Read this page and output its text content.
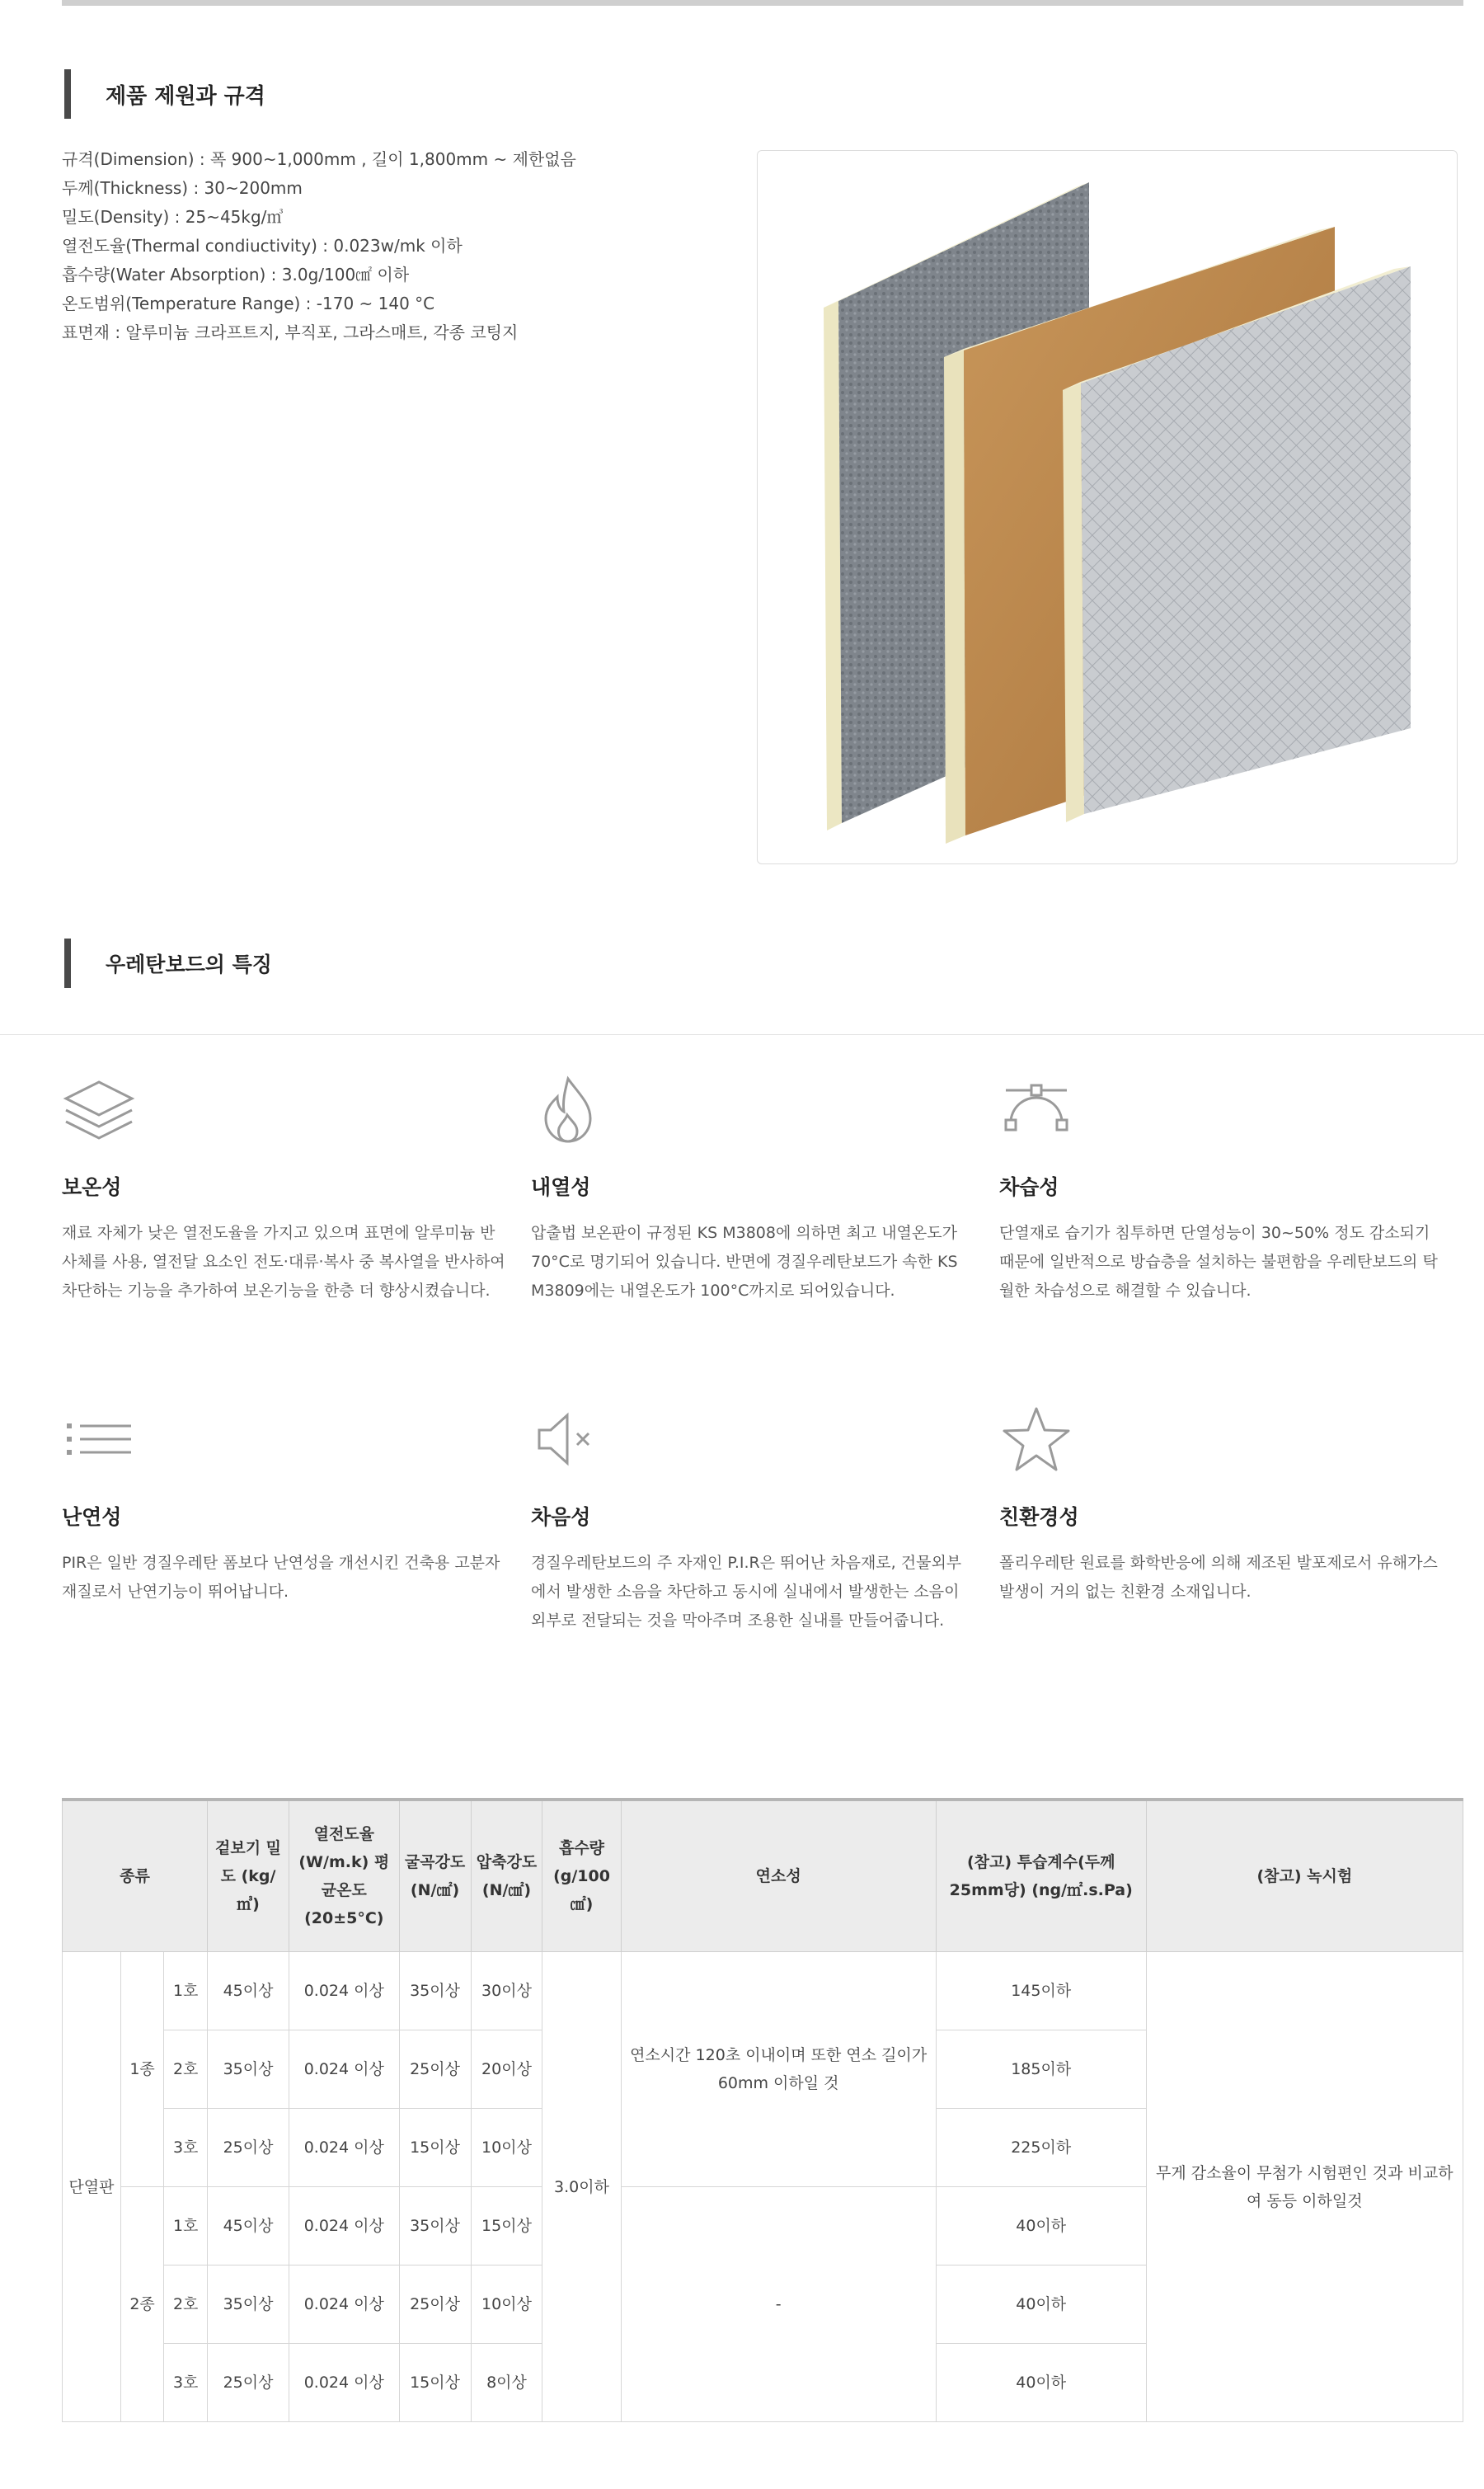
제품 제원과 규격
규격(Dimension) : 폭 900~1,000mm , 길이 1,800mm ~ 제한없음
두께(Thickness) : 30~200mm
밀도(Density) : 25~45kg/㎥
열전도율(Thermal condiuctivity) : 0.023w/mk 이하
흡수량(Water Absorption) : 3.0g/100㎠ 이하
온도범위(Temperature Range) : -170 ~ 140 °C
표면재 : 알루미늄 크라프트지, 부직포, 그라스매트, 각종 코팅지
우레탄보드의 특징
보온성
재료 자체가 낮은 열전도율을 가지고 있으며 표면에 알루미늄 반사체를 사용, 열전달 요소인 전도·대류·복사 중 복사열을 반사하여 차단하는 기능을 추가하여 보온기능을 한층 더 향상시켰습니다.
내열성
압출법 보온판이 규정된 KS M3808에 의하면 최고 내열온도가 70°C로 명기되어 있습니다. 반면에 경질우레탄보드가 속한 KS M3809에는 내열온도가 100°C까지로 되어있습니다.
차습성
단열재로 습기가 침투하면 단열성능이 30~50% 정도 감소되기 때문에 일반적으로 방습층을 설치하는 불편함을 우레탄보드의 탁월한 차습성으로 해결할 수 있습니다.
난연성
PIR은 일반 경질우레탄 폼보다 난연성을 개선시킨 건축용 고분자 재질로서 난연기능이 뛰어납니다.
차음성
경질우레탄보드의 주 자재인 P.I.R은 뛰어난 차음재로, 건물외부에서 발생한 소음을 차단하고 동시에 실내에서 발생한는 소음이 외부로 전달되는 것을 막아주며 조용한 실내를 만들어줍니다.
친환경성
폴리우레탄 원료를 화학반응에 의해 제조된 발포제로서 유해가스 발생이 거의 없는 친환경 소재입니다.
종류			겉보기 밀도 (kg/㎥)	열전도율(W/m.k) 평균온도(20±5°C)	굴곡강도 (N/㎠)	압축강도 (N/㎠)	흡수량 (g/100㎠)	연소성	(참고) 투습계수(두께 25mm당) (ng/㎡.s.Pa)	(참고) 녹시험
단열판	1종	1호	45이상	0.024 이상	35이상	30이상	3.0이하	연소시간 120초 이내이며 또한 연소 길이가 60mm 이하일 것	145이하	무게 감소율이 무첨가 시험편인 것과 비교하여 동등 이하일것
		2호	35이상	0.024 이상	25이상	20이상			185이하	
		3호	25이상	0.024 이상	15이상	10이상			225이하	
	2종	1호	45이상	0.024 이상	35이상	15이상		-	40이하	
		2호	35이상	0.024 이상	25이상	10이상			40이하	
		3호	25이상	0.024 이상	15이상	8이상			40이하	
